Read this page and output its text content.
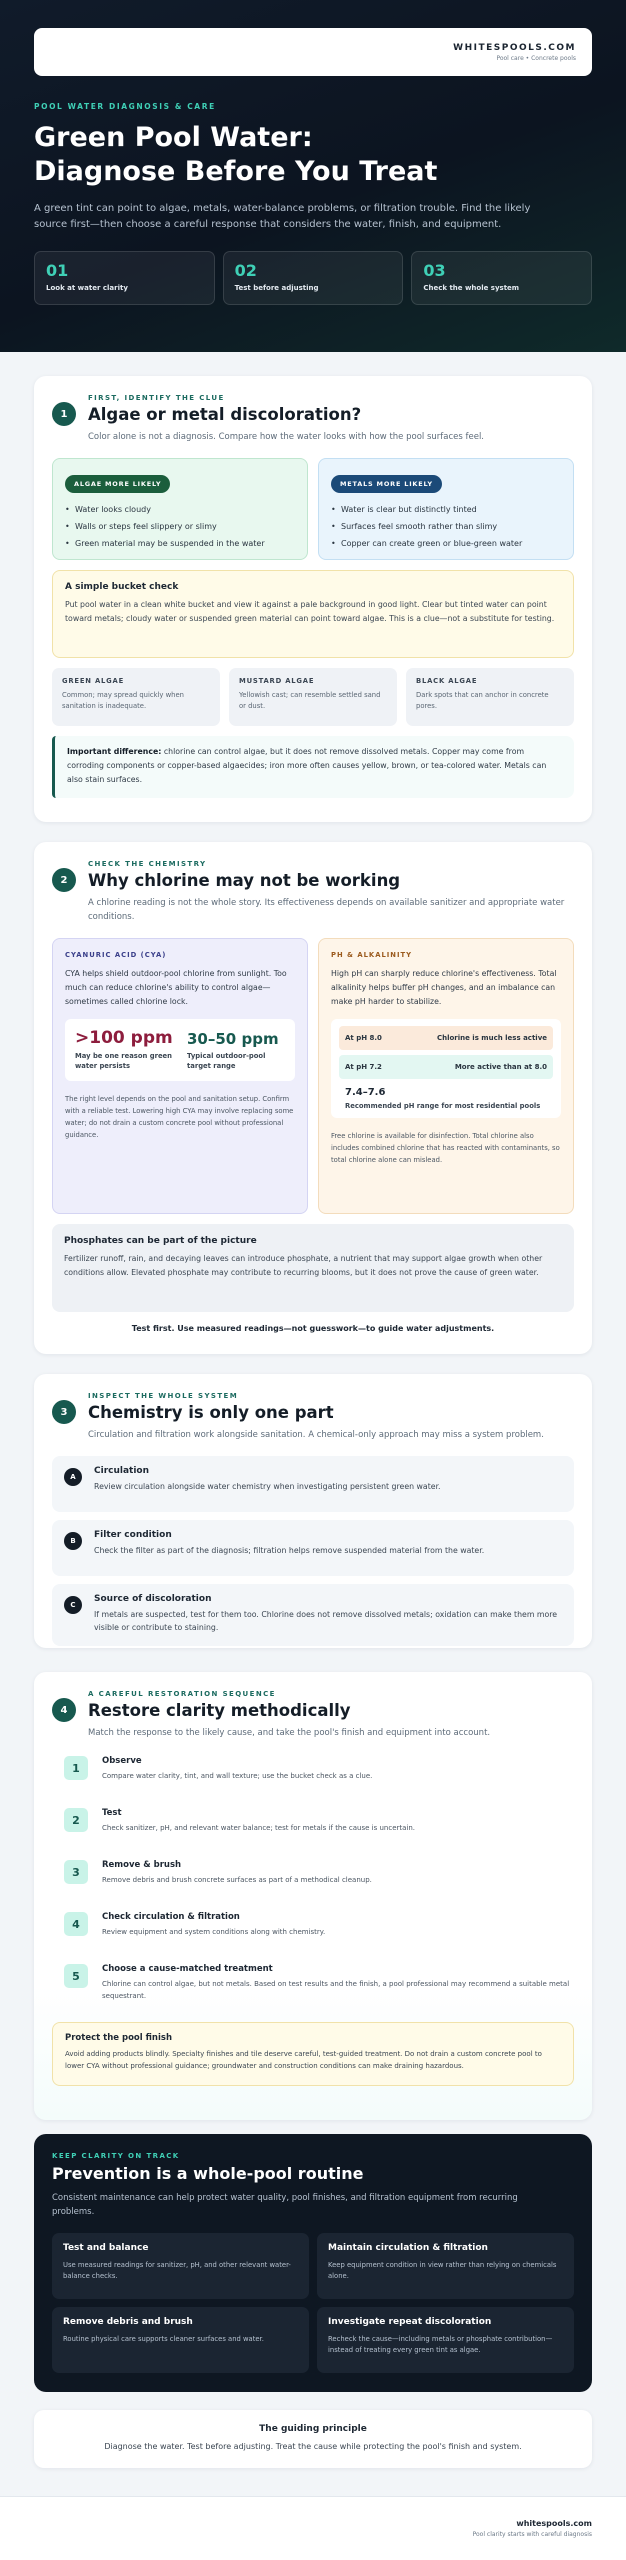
WHITESPOOLS.COM
Pool care • Concrete pools
POOL WATER DIAGNOSIS & CARE
Green Pool Water:
Diagnose Before You Treat
A green tint can point to algae, metals, water-balance problems, or filtration trouble. Find the likely source first—then choose a careful response that considers the water, finish, and equipment.
01
Look at water clarity
02
Test before adjusting
03
Check the whole system
1
FIRST, IDENTIFY THE CLUE
Algae or metal discoloration?
Color alone is not a diagnosis. Compare how the water looks with how the pool surfaces feel.
ALGAE MORE LIKELY
• Water looks cloudy
• Walls or steps feel slippery or slimy
• Green material may be suspended in the water
METALS MORE LIKELY
• Water is clear but distinctly tinted
• Surfaces feel smooth rather than slimy
• Copper can create green or blue-green water
A simple bucket check
Put pool water in a clean white bucket and view it against a pale background in good light. Clear but tinted water can point toward metals; cloudy water or suspended green material can point toward algae. This is a clue—not a substitute for testing.
GREEN ALGAE
Common; may spread quickly when sanitation is inadequate.
MUSTARD ALGAE
Yellowish cast; can resemble settled sand or dust.
BLACK ALGAE
Dark spots that can anchor in concrete pores.
Important difference: chlorine can control algae, but it does not remove dissolved metals. Copper may come from corroding components or copper-based algaecides; iron more often causes yellow, brown, or tea-colored water. Metals can also stain surfaces.
2
CHECK THE CHEMISTRY
Why chlorine may not be working
A chlorine reading is not the whole story. Its effectiveness depends on available sanitizer and appropriate water conditions.
CYANURIC ACID (CYA)
CYA helps shield outdoor-pool chlorine from sunlight. Too much can reduce chlorine's ability to control algae—sometimes called chlorine lock.
>100 ppm
May be one reason green water persists
30–50 ppm
Typical outdoor-pool target range
The right level depends on the pool and sanitation setup. Confirm with a reliable test. Lowering high CYA may involve replacing some water; do not drain a custom concrete pool without professional guidance.
PH & ALKALINITY
High pH can sharply reduce chlorine's effectiveness. Total alkalinity helps buffer pH changes, and an imbalance can make pH harder to stabilize.
At pH 8.0	Chlorine is much less active
At pH 7.2	More active than at 8.0
7.4–7.6
Recommended pH range for most residential pools
Free chlorine is available for disinfection. Total chlorine also includes combined chlorine that has reacted with contaminants, so total chlorine alone can mislead.
Phosphates can be part of the picture
Fertilizer runoff, rain, and decaying leaves can introduce phosphate, a nutrient that may support algae growth when other conditions allow. Elevated phosphate may contribute to recurring blooms, but it does not prove the cause of green water.
Test first. Use measured readings—not guesswork—to guide water adjustments.
3
INSPECT THE WHOLE SYSTEM
Chemistry is only one part
Circulation and filtration work alongside sanitation. A chemical-only approach may miss a system problem.
A
Circulation
Review circulation alongside water chemistry when investigating persistent green water.
B
Filter condition
Check the filter as part of the diagnosis; filtration helps remove suspended material from the water.
C
Source of discoloration
If metals are suspected, test for them too. Chlorine does not remove dissolved metals; oxidation can make them more visible or contribute to staining.
4
A CAREFUL RESTORATION SEQUENCE
Restore clarity methodically
Match the response to the likely cause, and take the pool's finish and equipment into account.
1
Observe
Compare water clarity, tint, and wall texture; use the bucket check as a clue.
2
Test
Check sanitizer, pH, and relevant water balance; test for metals if the cause is uncertain.
3
Remove & brush
Remove debris and brush concrete surfaces as part of a methodical cleanup.
4
Check circulation & filtration
Review equipment and system conditions along with chemistry.
5
Choose a cause-matched treatment
Chlorine can control algae, but not metals. Based on test results and the finish, a pool professional may recommend a suitable metal sequestrant.
Protect the pool finish
Avoid adding products blindly. Specialty finishes and tile deserve careful, test-guided treatment. Do not drain a custom concrete pool to lower CYA without professional guidance; groundwater and construction conditions can make draining hazardous.
KEEP CLARITY ON TRACK
Prevention is a whole-pool routine
Consistent maintenance can help protect water quality, pool finishes, and filtration equipment from recurring problems.
Test and balance
Use measured readings for sanitizer, pH, and other relevant water-balance checks.
Maintain circulation & filtration
Keep equipment condition in view rather than relying on chemicals alone.
Remove debris and brush
Routine physical care supports cleaner surfaces and water.
Investigate repeat discoloration
Recheck the cause—including metals or phosphate contribution—instead of treating every green tint as algae.
The guiding principle
Diagnose the water. Test before adjusting. Treat the cause while protecting the pool's finish and system.
whitespools.com
Pool clarity starts with careful diagnosis
